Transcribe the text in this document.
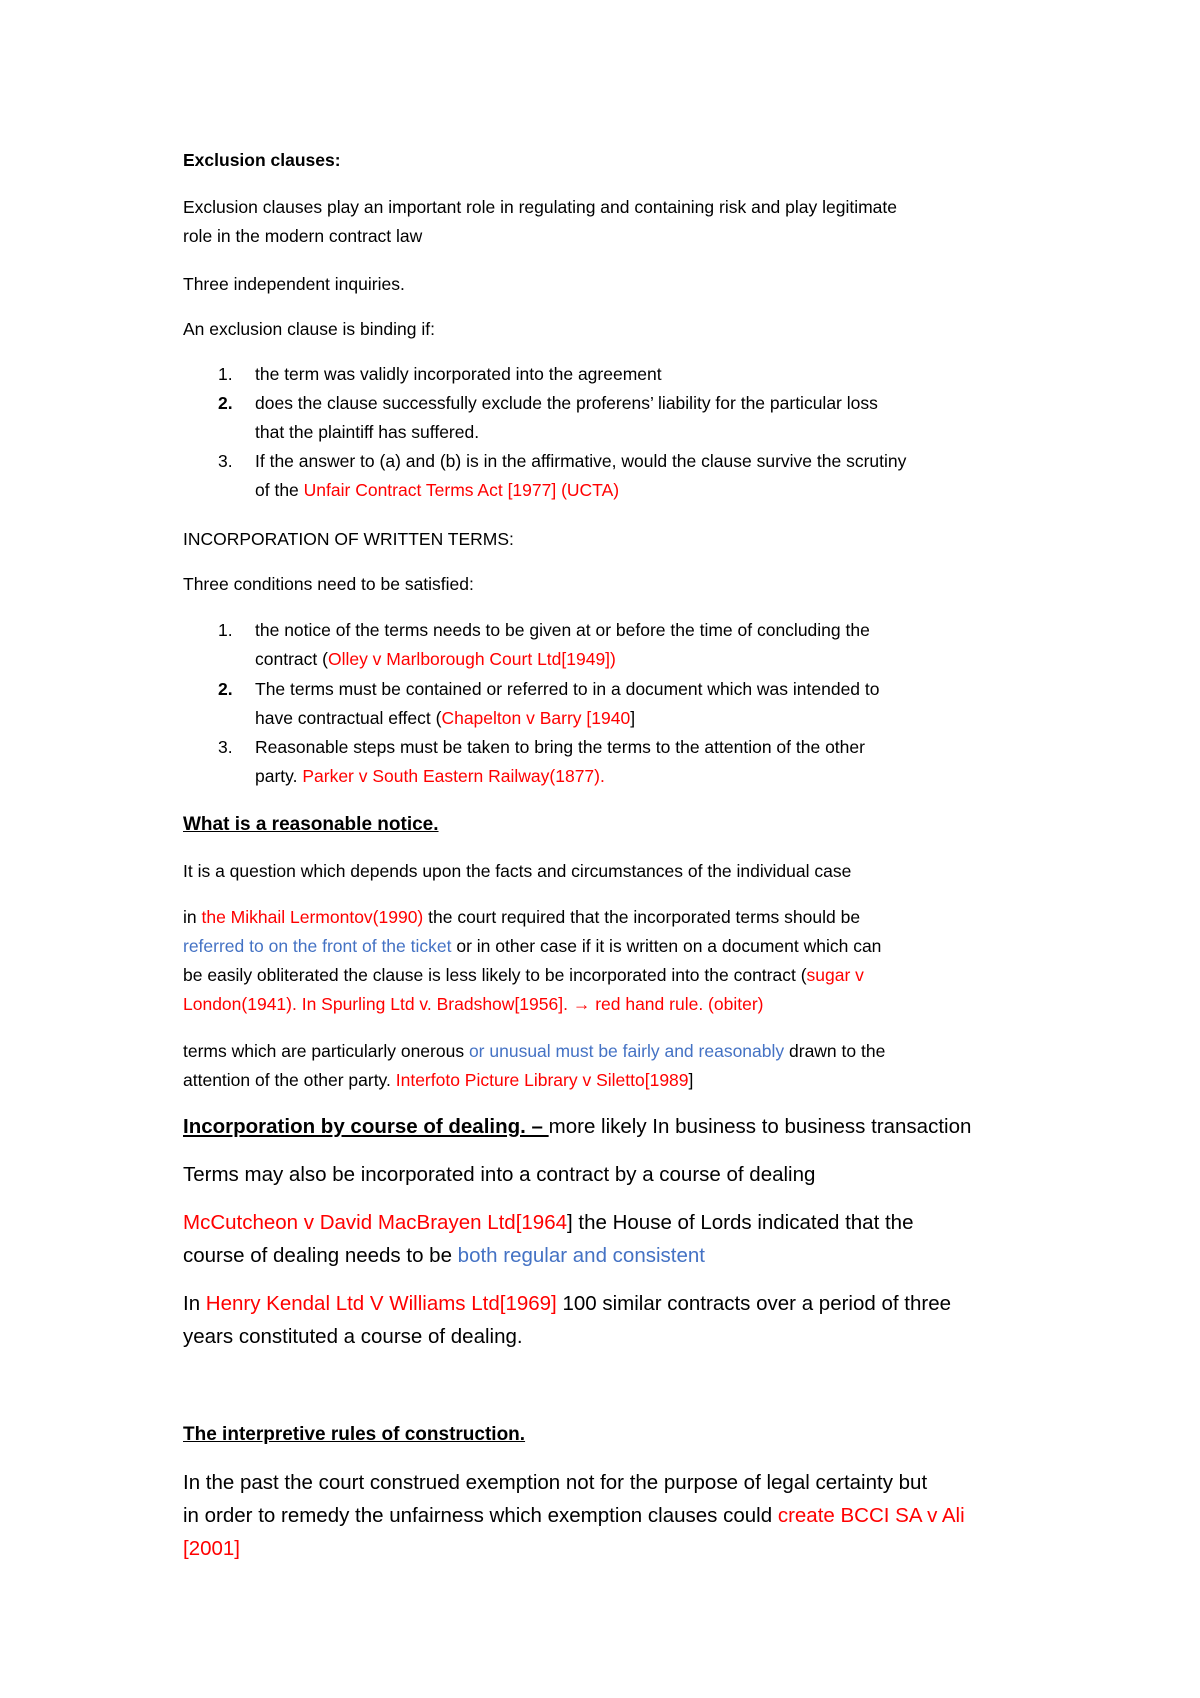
Exclusion clauses:
Exclusion clauses play an important role in regulating and containing risk and play legitimate
role in the modern contract law
Three independent inquiries.
An exclusion clause is binding if:
1. the term was validly incorporated into the agreement
2. does the clause successfully exclude the proferens’ liability for the particular loss
that the plaintiff has suffered.
3. If the answer to (a) and (b) is in the affirmative, would the clause survive the scrutiny
of the Unfair Contract Terms Act [1977] (UCTA)
INCORPORATION OF WRITTEN TERMS:
Three conditions need to be satisfied:
1. the notice of the terms needs to be given at or before the time of concluding the
contract (Olley v Marlborough Court Ltd[1949])
2. The terms must be contained or referred to in a document which was intended to
have contractual effect (Chapelton v Barry [1940]
3. Reasonable steps must be taken to bring the terms to the attention of the other
party. Parker v South Eastern Railway(1877).
What is a reasonable notice.
It is a question which depends upon the facts and circumstances of the individual case
in the Mikhail Lermontov(1990) the court required that the incorporated terms should be
referred to on the front of the ticket or in other case if it is written on a document which can
be easily obliterated the clause is less likely to be incorporated into the contract (sugar v
London(1941). In Spurling Ltd v. Bradshow[1956]. → red hand rule. (obiter)
terms which are particularly onerous or unusual must be fairly and reasonably drawn to the
attention of the other party. Interfoto Picture Library v Siletto[1989]
Incorporation by course of dealing. – more likely In business to business transaction
Terms may also be incorporated into a contract by a course of dealing
McCutcheon v David MacBrayen Ltd[1964] the House of Lords indicated that the
course of dealing needs to be both regular and consistent
In Henry Kendal Ltd V Williams Ltd[1969] 100 similar contracts over a period of three
years constituted a course of dealing.
The interpretive rules of construction.
In the past the court construed exemption not for the purpose of legal certainty but
in order to remedy the unfairness which exemption clauses could create BCCI SA v Ali
[2001]
